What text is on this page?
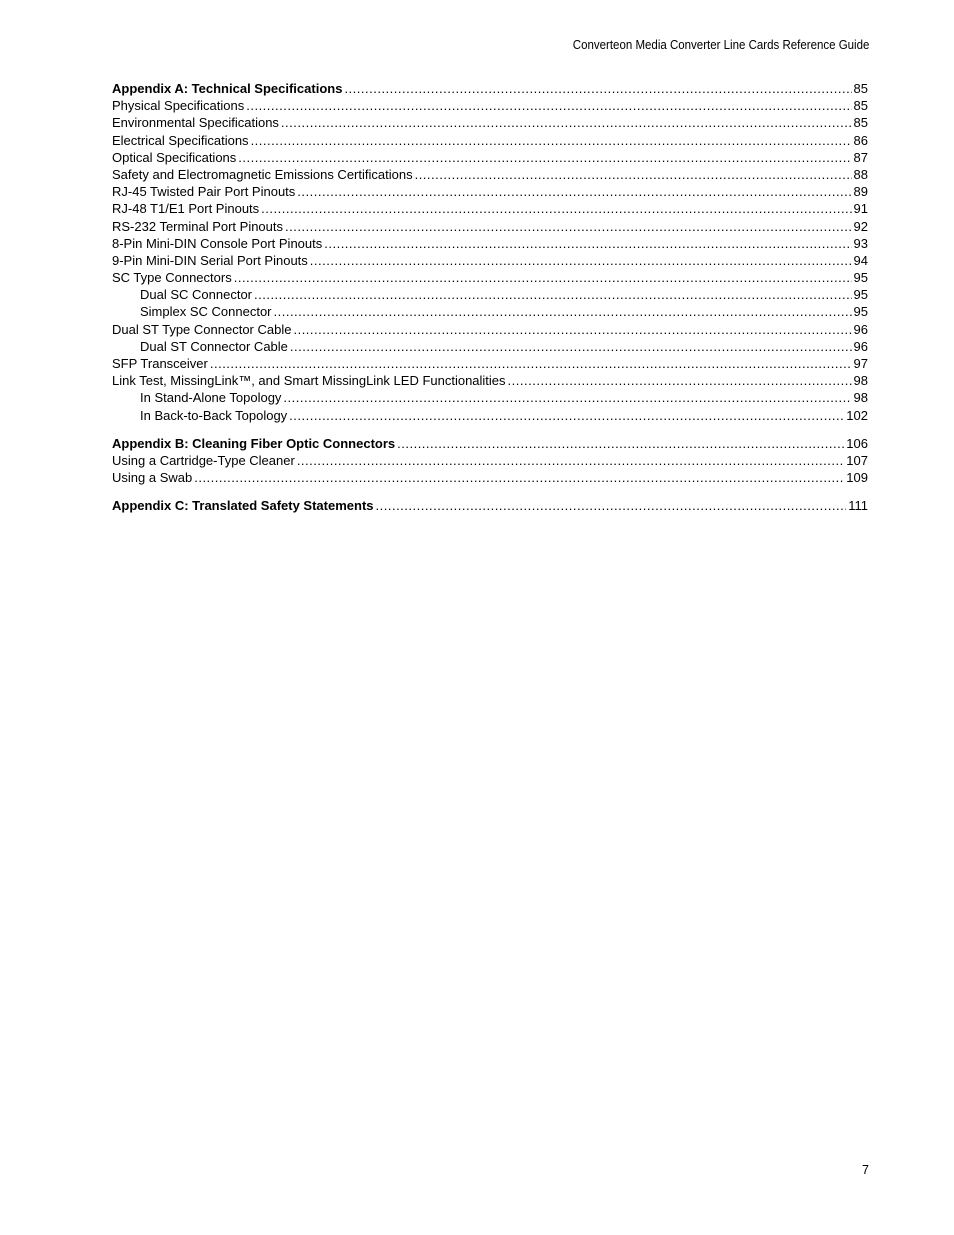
Converteon Media Converter Line Cards Reference Guide
Appendix A: Technical Specifications .....	85
Physical Specifications .....	85
Environmental Specifications .....	85
Electrical Specifications .....	86
Optical Specifications .....	87
Safety and Electromagnetic Emissions Certifications .....	88
RJ-45 Twisted Pair Port Pinouts .....	89
RJ-48 T1/E1 Port Pinouts .....	91
RS-232 Terminal Port Pinouts .....	92
8-Pin Mini-DIN Console Port Pinouts .....	93
9-Pin Mini-DIN Serial Port Pinouts .....	94
SC Type Connectors .....	95
Dual SC Connector .....	95
Simplex SC Connector .....	95
Dual ST Type Connector Cable .....	96
Dual ST Connector Cable .....	96
SFP Transceiver .....	97
Link Test, MissingLink™, and Smart MissingLink LED Functionalities .....	98
In Stand-Alone Topology .....	98
In Back-to-Back Topology .....	102
Appendix B: Cleaning Fiber Optic Connectors .....	106
Using a Cartridge-Type Cleaner .....	107
Using a Swab .....	109
Appendix C: Translated Safety Statements .....	111
7
